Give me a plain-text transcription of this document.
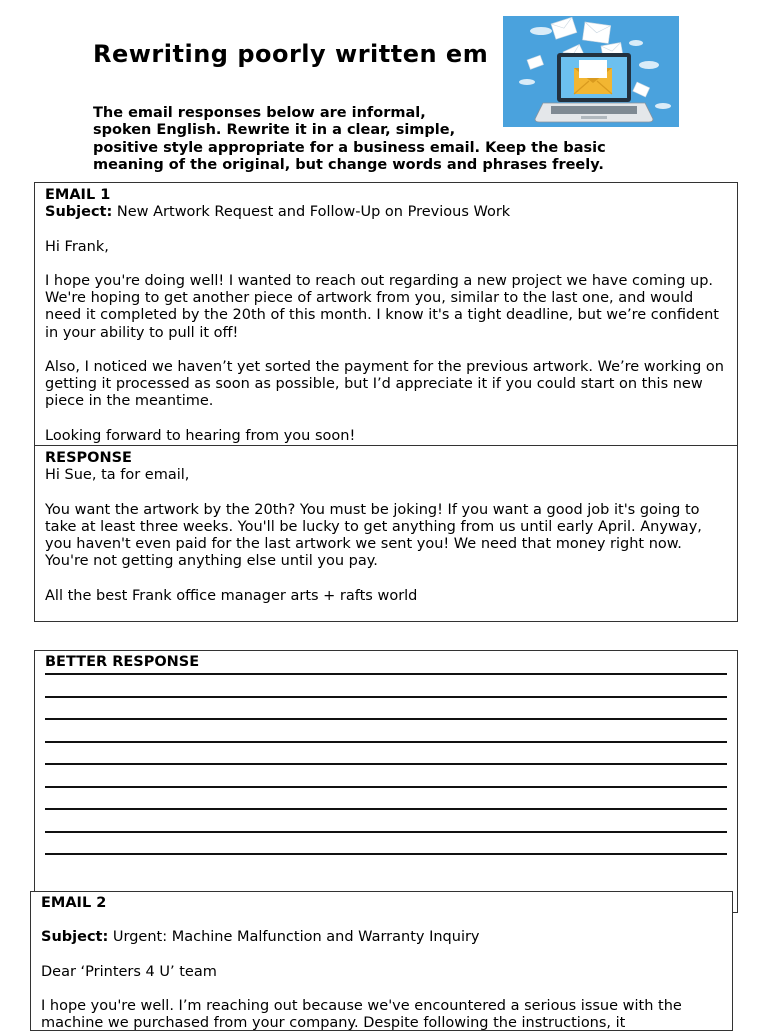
Rewriting poorly written em
The email responses below are informal,
spoken English. Rewrite it in a clear, simple,
positive style appropriate for a business email. Keep the basic
meaning of the original, but change words and phrases freely.

EMAIL 1

Subject: New Artwork Request and Follow-Up on Previous Work

Hi Frank,

I hope you're doing well! I wanted to reach out regarding a new project we have coming up. We're hoping to get another piece of artwork from you, similar to the last one, and would need it completed by the 20th of this month. I know it's a tight deadline, but we’re confident in your ability to pull it off!

Also, I noticed we haven’t yet sorted the payment for the previous artwork. We’re working on getting it processed as soon as possible, but I’d appreciate it if you could start on this new piece in the meantime.

Looking forward to hearing from you soon!

RESPONSE

Hi Sue, ta for email,

You want the artwork by the 20th? You must be joking! If you want a good job it's going to take at least three weeks. You'll be lucky to get anything from us until early April. Anyway, you haven't even paid for the last artwork we sent you! We need that money right now.

You're not getting anything else until you pay.

All the best Frank office manager arts + rafts world

BETTER RESPONSE

EMAIL 2

Subject: Urgent: Machine Malfunction and Warranty Inquiry

Dear ‘Printers 4 U’ team

I hope you're well. I’m reaching out because we've encountered a serious issue with the machine we purchased from your company. Despite following the instructions, it
